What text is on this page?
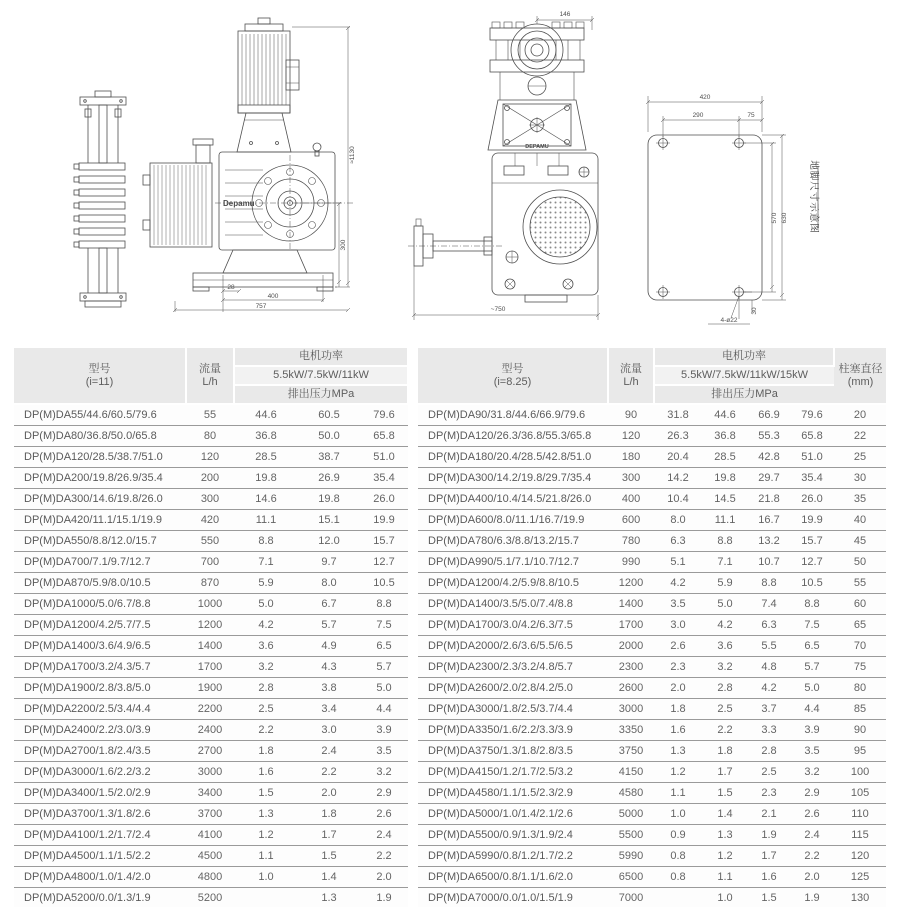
Depamu
≈1130
300
28
400
757
146
DEPAMU
~750
420
290	75
570 630
4-ø22
30
地脚尺寸示意图
型号
(i=11)	流量
L/h	电机功率				型号
(i=8.25)	流量
L/h	电机功率				柱塞直径
(mm)

		5.5kW/7.5kW/11kW						5.5kW/7.5kW/11kW/15kW				
		排出压力MPa						排出压力MPa				
DP(M)DA55/44.6/60.5/79.6	55	44.6	60.5	79.6		DP(M)DA90/31.8/44.6/66.9/79.6	90	31.8	44.6	66.9	79.6	20
DP(M)DA80/36.8/50.0/65.8	80	36.8	50.0	65.8		DP(M)DA120/26.3/36.8/55.3/65.8	120	26.3	36.8	55.3	65.8	22
DP(M)DA120/28.5/38.7/51.0	120	28.5	38.7	51.0		DP(M)DA180/20.4/28.5/42.8/51.0	180	20.4	28.5	42.8	51.0	25
DP(M)DA200/19.8/26.9/35.4	200	19.8	26.9	35.4		DP(M)DA300/14.2/19.8/29.7/35.4	300	14.2	19.8	29.7	35.4	30
DP(M)DA300/14.6/19.8/26.0	300	14.6	19.8	26.0		DP(M)DA400/10.4/14.5/21.8/26.0	400	10.4	14.5	21.8	26.0	35
DP(M)DA420/11.1/15.1/19.9	420	11.1	15.1	19.9		DP(M)DA600/8.0/11.1/16.7/19.9	600	8.0	11.1	16.7	19.9	40
DP(M)DA550/8.8/12.0/15.7	550	8.8	12.0	15.7		DP(M)DA780/6.3/8.8/13.2/15.7	780	6.3	8.8	13.2	15.7	45
DP(M)DA700/7.1/9.7/12.7	700	7.1	9.7	12.7		DP(M)DA990/5.1/7.1/10.7/12.7	990	5.1	7.1	10.7	12.7	50
DP(M)DA870/5.9/8.0/10.5	870	5.9	8.0	10.5		DP(M)DA1200/4.2/5.9/8.8/10.5	1200	4.2	5.9	8.8	10.5	55
DP(M)DA1000/5.0/6.7/8.8	1000	5.0	6.7	8.8		DP(M)DA1400/3.5/5.0/7.4/8.8	1400	3.5	5.0	7.4	8.8	60
DP(M)DA1200/4.2/5.7/7.5	1200	4.2	5.7	7.5		DP(M)DA1700/3.0/4.2/6.3/7.5	1700	3.0	4.2	6.3	7.5	65
DP(M)DA1400/3.6/4.9/6.5	1400	3.6	4.9	6.5		DP(M)DA2000/2.6/3.6/5.5/6.5	2000	2.6	3.6	5.5	6.5	70
DP(M)DA1700/3.2/4.3/5.7	1700	3.2	4.3	5.7		DP(M)DA2300/2.3/3.2/4.8/5.7	2300	2.3	3.2	4.8	5.7	75
DP(M)DA1900/2.8/3.8/5.0	1900	2.8	3.8	5.0		DP(M)DA2600/2.0/2.8/4.2/5.0	2600	2.0	2.8	4.2	5.0	80
DP(M)DA2200/2.5/3.4/4.4	2200	2.5	3.4	4.4		DP(M)DA3000/1.8/2.5/3.7/4.4	3000	1.8	2.5	3.7	4.4	85
DP(M)DA2400/2.2/3.0/3.9	2400	2.2	3.0	3.9		DP(M)DA3350/1.6/2.2/3.3/3.9	3350	1.6	2.2	3.3	3.9	90
DP(M)DA2700/1.8/2.4/3.5	2700	1.8	2.4	3.5		DP(M)DA3750/1.3/1.8/2.8/3.5	3750	1.3	1.8	2.8	3.5	95
DP(M)DA3000/1.6/2.2/3.2	3000	1.6	2.2	3.2		DP(M)DA4150/1.2/1.7/2.5/3.2	4150	1.2	1.7	2.5	3.2	100
DP(M)DA3400/1.5/2.0/2.9	3400	1.5	2.0	2.9		DP(M)DA4580/1.1/1.5/2.3/2.9	4580	1.1	1.5	2.3	2.9	105
DP(M)DA3700/1.3/1.8/2.6	3700	1.3	1.8	2.6		DP(M)DA5000/1.0/1.4/2.1/2.6	5000	1.0	1.4	2.1	2.6	110
DP(M)DA4100/1.2/1.7/2.4	4100	1.2	1.7	2.4		DP(M)DA5500/0.9/1.3/1.9/2.4	5500	0.9	1.3	1.9	2.4	115
DP(M)DA4500/1.1/1.5/2.2	4500	1.1	1.5	2.2		DP(M)DA5990/0.8/1.2/1.7/2.2	5990	0.8	1.2	1.7	2.2	120
DP(M)DA4800/1.0/1.4/2.0	4800	1.0	1.4	2.0		DP(M)DA6500/0.8/1.1/1.6/2.0	6500	0.8	1.1	1.6	2.0	125
DP(M)DA5200/0.0/1.3/1.9	5200		1.3	1.9		DP(M)DA7000/0.0/1.0/1.5/1.9	7000		1.0	1.5	1.9	130
